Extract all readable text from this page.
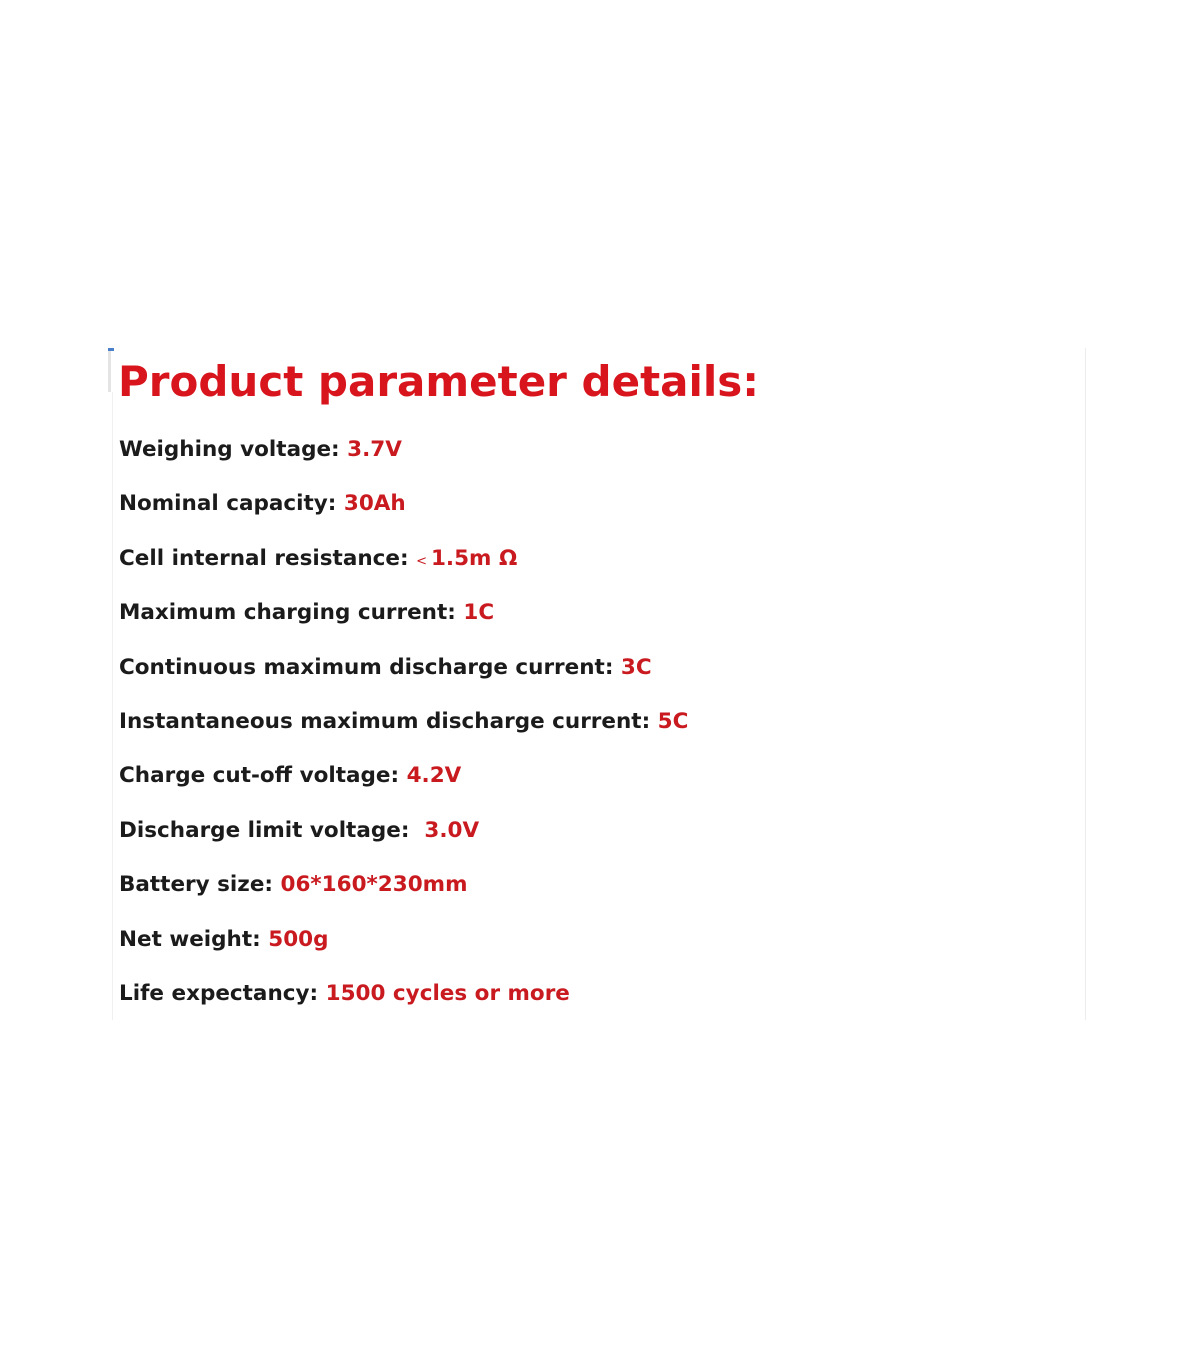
Product parameter details:
Weighing voltage: 3.7V
Nominal capacity: 30Ah
Cell internal resistance: < 1.5m Ω
Maximum charging current: 1C
Continuous maximum discharge current: 3C
Instantaneous maximum discharge current: 5C
Charge cut-off voltage: 4.2V
Discharge limit voltage:  3.0V
Battery size: 06*160*230mm
Net weight: 500g
Life expectancy: 1500 cycles or more
